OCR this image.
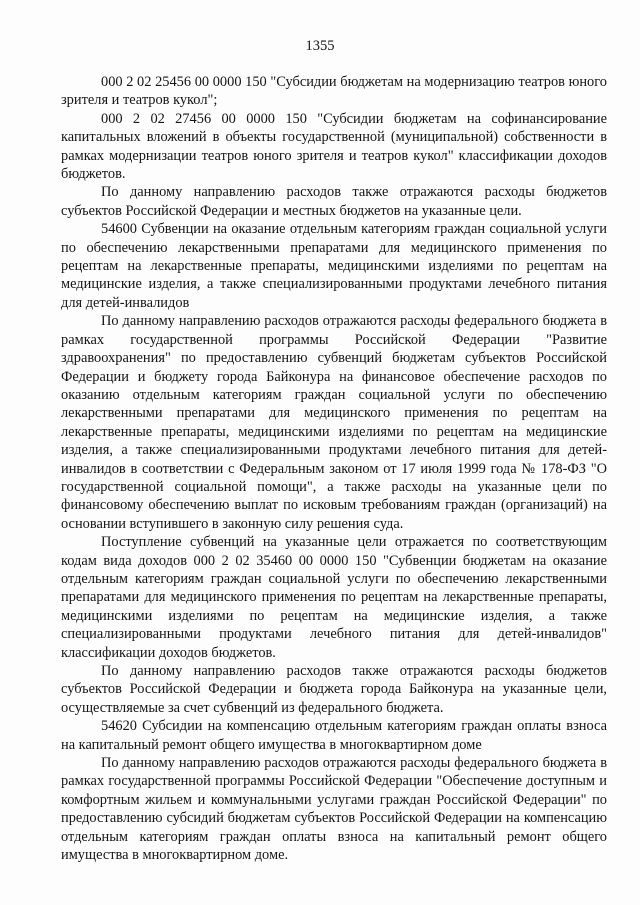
1355

000 2 02 25456 00 0000 150 "Субсидии бюджетам на модернизацию театров юного зрителя и театров кукол";

000 2 02 27456 00 0000 150 "Субсидии бюджетам на софинансирование капитальных вложений в объекты государственной (муниципальной) собственности в рамках модернизации театров юного зрителя и театров кукол" классификации доходов бюджетов.

По данному направлению расходов также отражаются расходы бюджетов субъектов Российской Федерации и местных бюджетов на указанные цели.

54600 Субвенции на оказание отдельным категориям граждан социальной услуги по обеспечению лекарственными препаратами для медицинского применения по рецептам на лекарственные препараты, медицинскими изделиями по рецептам на медицинские изделия, а также специализированными продуктами лечебного питания для детей-инвалидов

По данному направлению расходов отражаются расходы федерального бюджета в рамках государственной программы Российской Федерации "Развитие здравоохранения" по предоставлению субвенций бюджетам субъектов Российской Федерации и бюджету города Байконура на финансовое обеспечение расходов по оказанию отдельным категориям граждан социальной услуги по обеспечению лекарственными препаратами для медицинского применения по рецептам на лекарственные препараты, медицинскими изделиями по рецептам на медицинские изделия, а также специализированными продуктами лечебного питания для детей-инвалидов в соответствии с Федеральным законом от 17 июля 1999 года № 178-ФЗ "О государственной социальной помощи", а также расходы на указанные цели по финансовому обеспечению выплат по исковым требованиям граждан (организаций) на основании вступившего в законную силу решения суда.

Поступление субвенций на указанные цели отражается по соответствующим кодам вида доходов 000 2 02 35460 00 0000 150 "Субвенции бюджетам на оказание отдельным категориям граждан социальной услуги по обеспечению лекарственными препаратами для медицинского применения по рецептам на лекарственные препараты, медицинскими изделиями по рецептам на медицинские изделия, а также специализированными продуктами лечебного питания для детей-инвалидов" классификации доходов бюджетов.

По данному направлению расходов также отражаются расходы бюджетов субъектов Российской Федерации и бюджета города Байконура на указанные цели, осуществляемые за счет субвенций из федерального бюджета.

54620 Субсидии на компенсацию отдельным категориям граждан оплаты взноса на капитальный ремонт общего имущества в многоквартирном доме

По данному направлению расходов отражаются расходы федерального бюджета в рамках государственной программы Российской Федерации "Обеспечение доступным и комфортным жильем и коммунальными услугами граждан Российской Федерации" по предоставлению субсидий бюджетам субъектов Российской Федерации на компенсацию отдельным категориям граждан оплаты взноса на капитальный ремонт общего имущества в многоквартирном доме.
